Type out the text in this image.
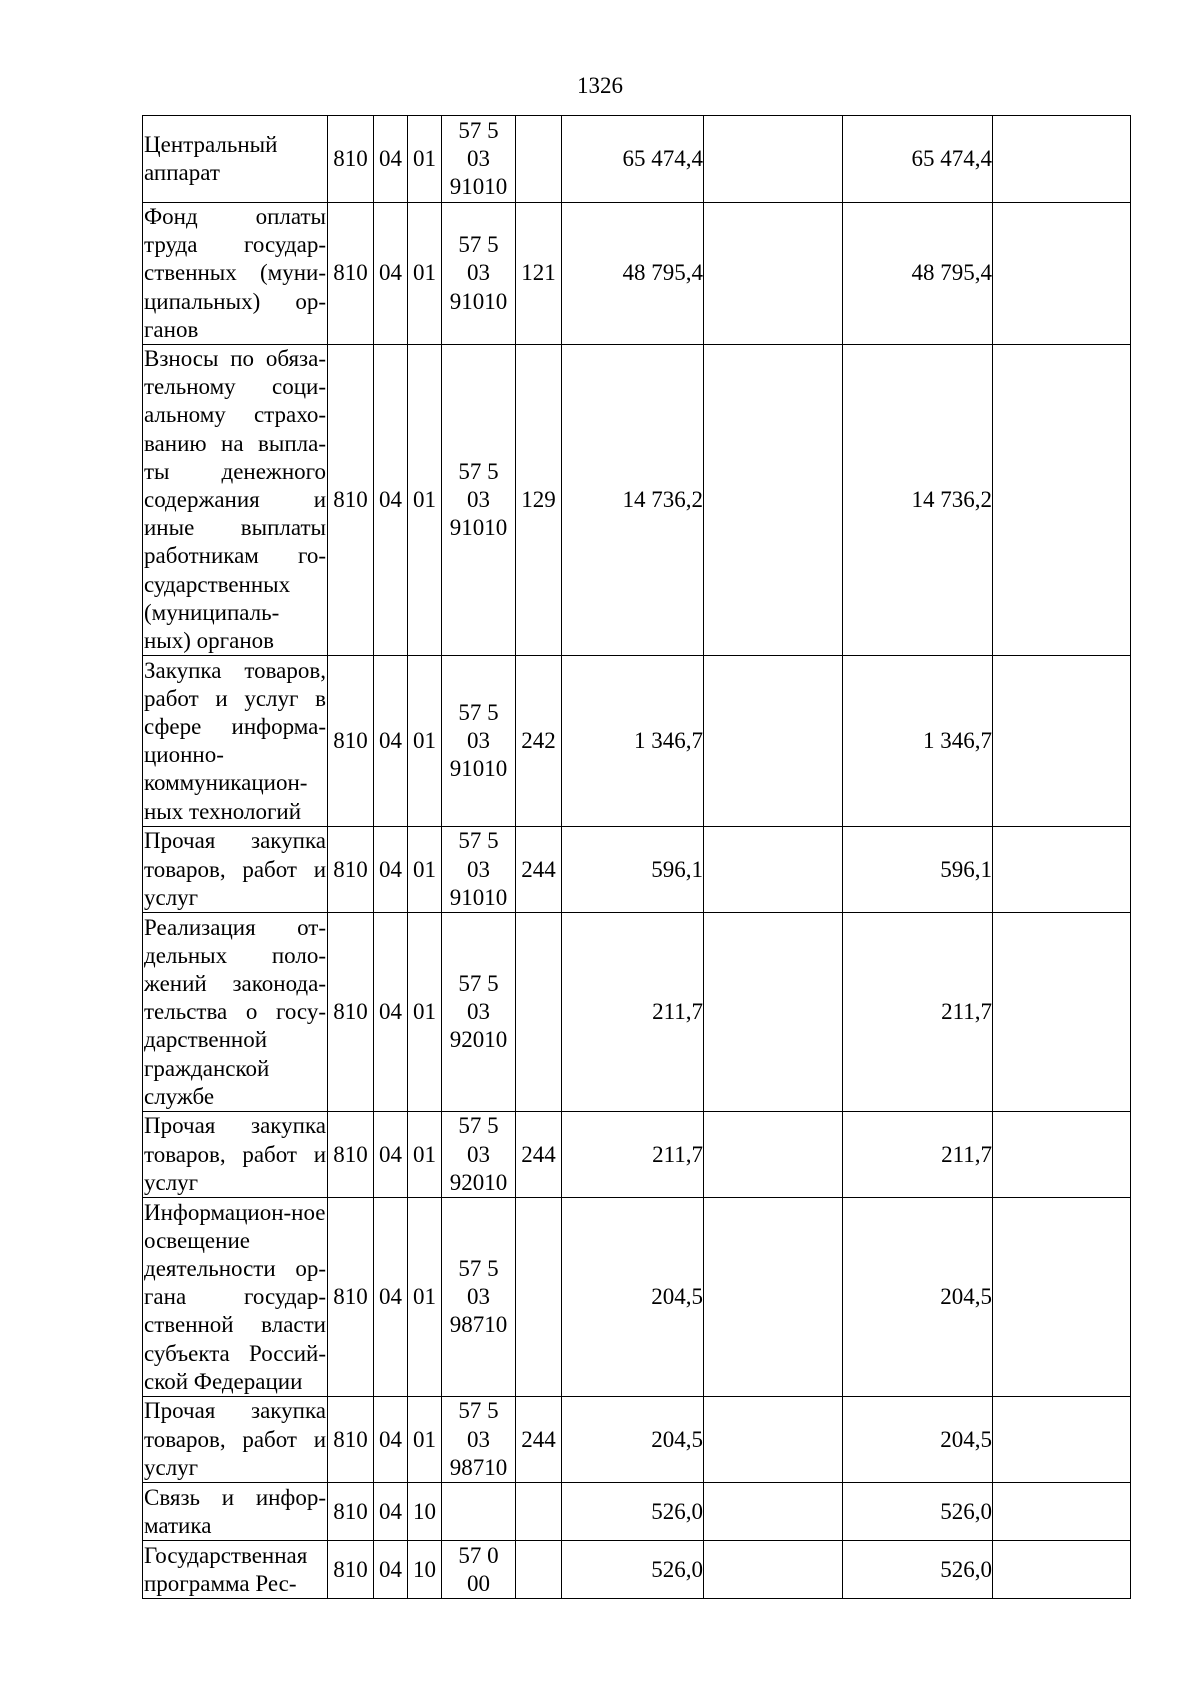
1326
Центральный аппарат	810	04	01	57 5
03
91010		65 474,4		65 474,4	
Фонд оплаты труда государ-ственных (муни-ципальных) ор-ганов	810	04	01	57 5
03
91010	121	48 795,4		48 795,4	
Взносы по обяза-тельному соци-альному страхо-ванию на выпла-ты денежного содержания и иные выплаты работникам го-сударственных (муниципаль-ных) органов	810	04	01	57 5
03
91010	129	14 736,2		14 736,2	
Закупка товаров, работ и услуг в сфере информа-ционно-коммуникацион-ных технологий	810	04	01	57 5
03
91010	242	1 346,7		1 346,7	
Прочая закупка товаров, работ и услуг	810	04	01	57 5
03
91010	244	596,1		596,1	
Реализация от-дельных поло-жений законода-тельства о госу-дарственной гражданской службе	810	04	01	57 5
03
92010		211,7		211,7	
Прочая закупка товаров, работ и услуг	810	04	01	57 5
03
92010	244	211,7		211,7	
Информацион-ное освещение деятельности ор-гана государ-ственной власти субъекта Россий-ской Федерации	810	04	01	57 5
03
98710		204,5		204,5	
Прочая закупка товаров, работ и услуг	810	04	01	57 5
03
98710	244	204,5		204,5	
Связь и инфор-матика	810	04	10			526,0		526,0	
Государственная программа Рес-	810	04	10	57 0
00		526,0		526,0	
